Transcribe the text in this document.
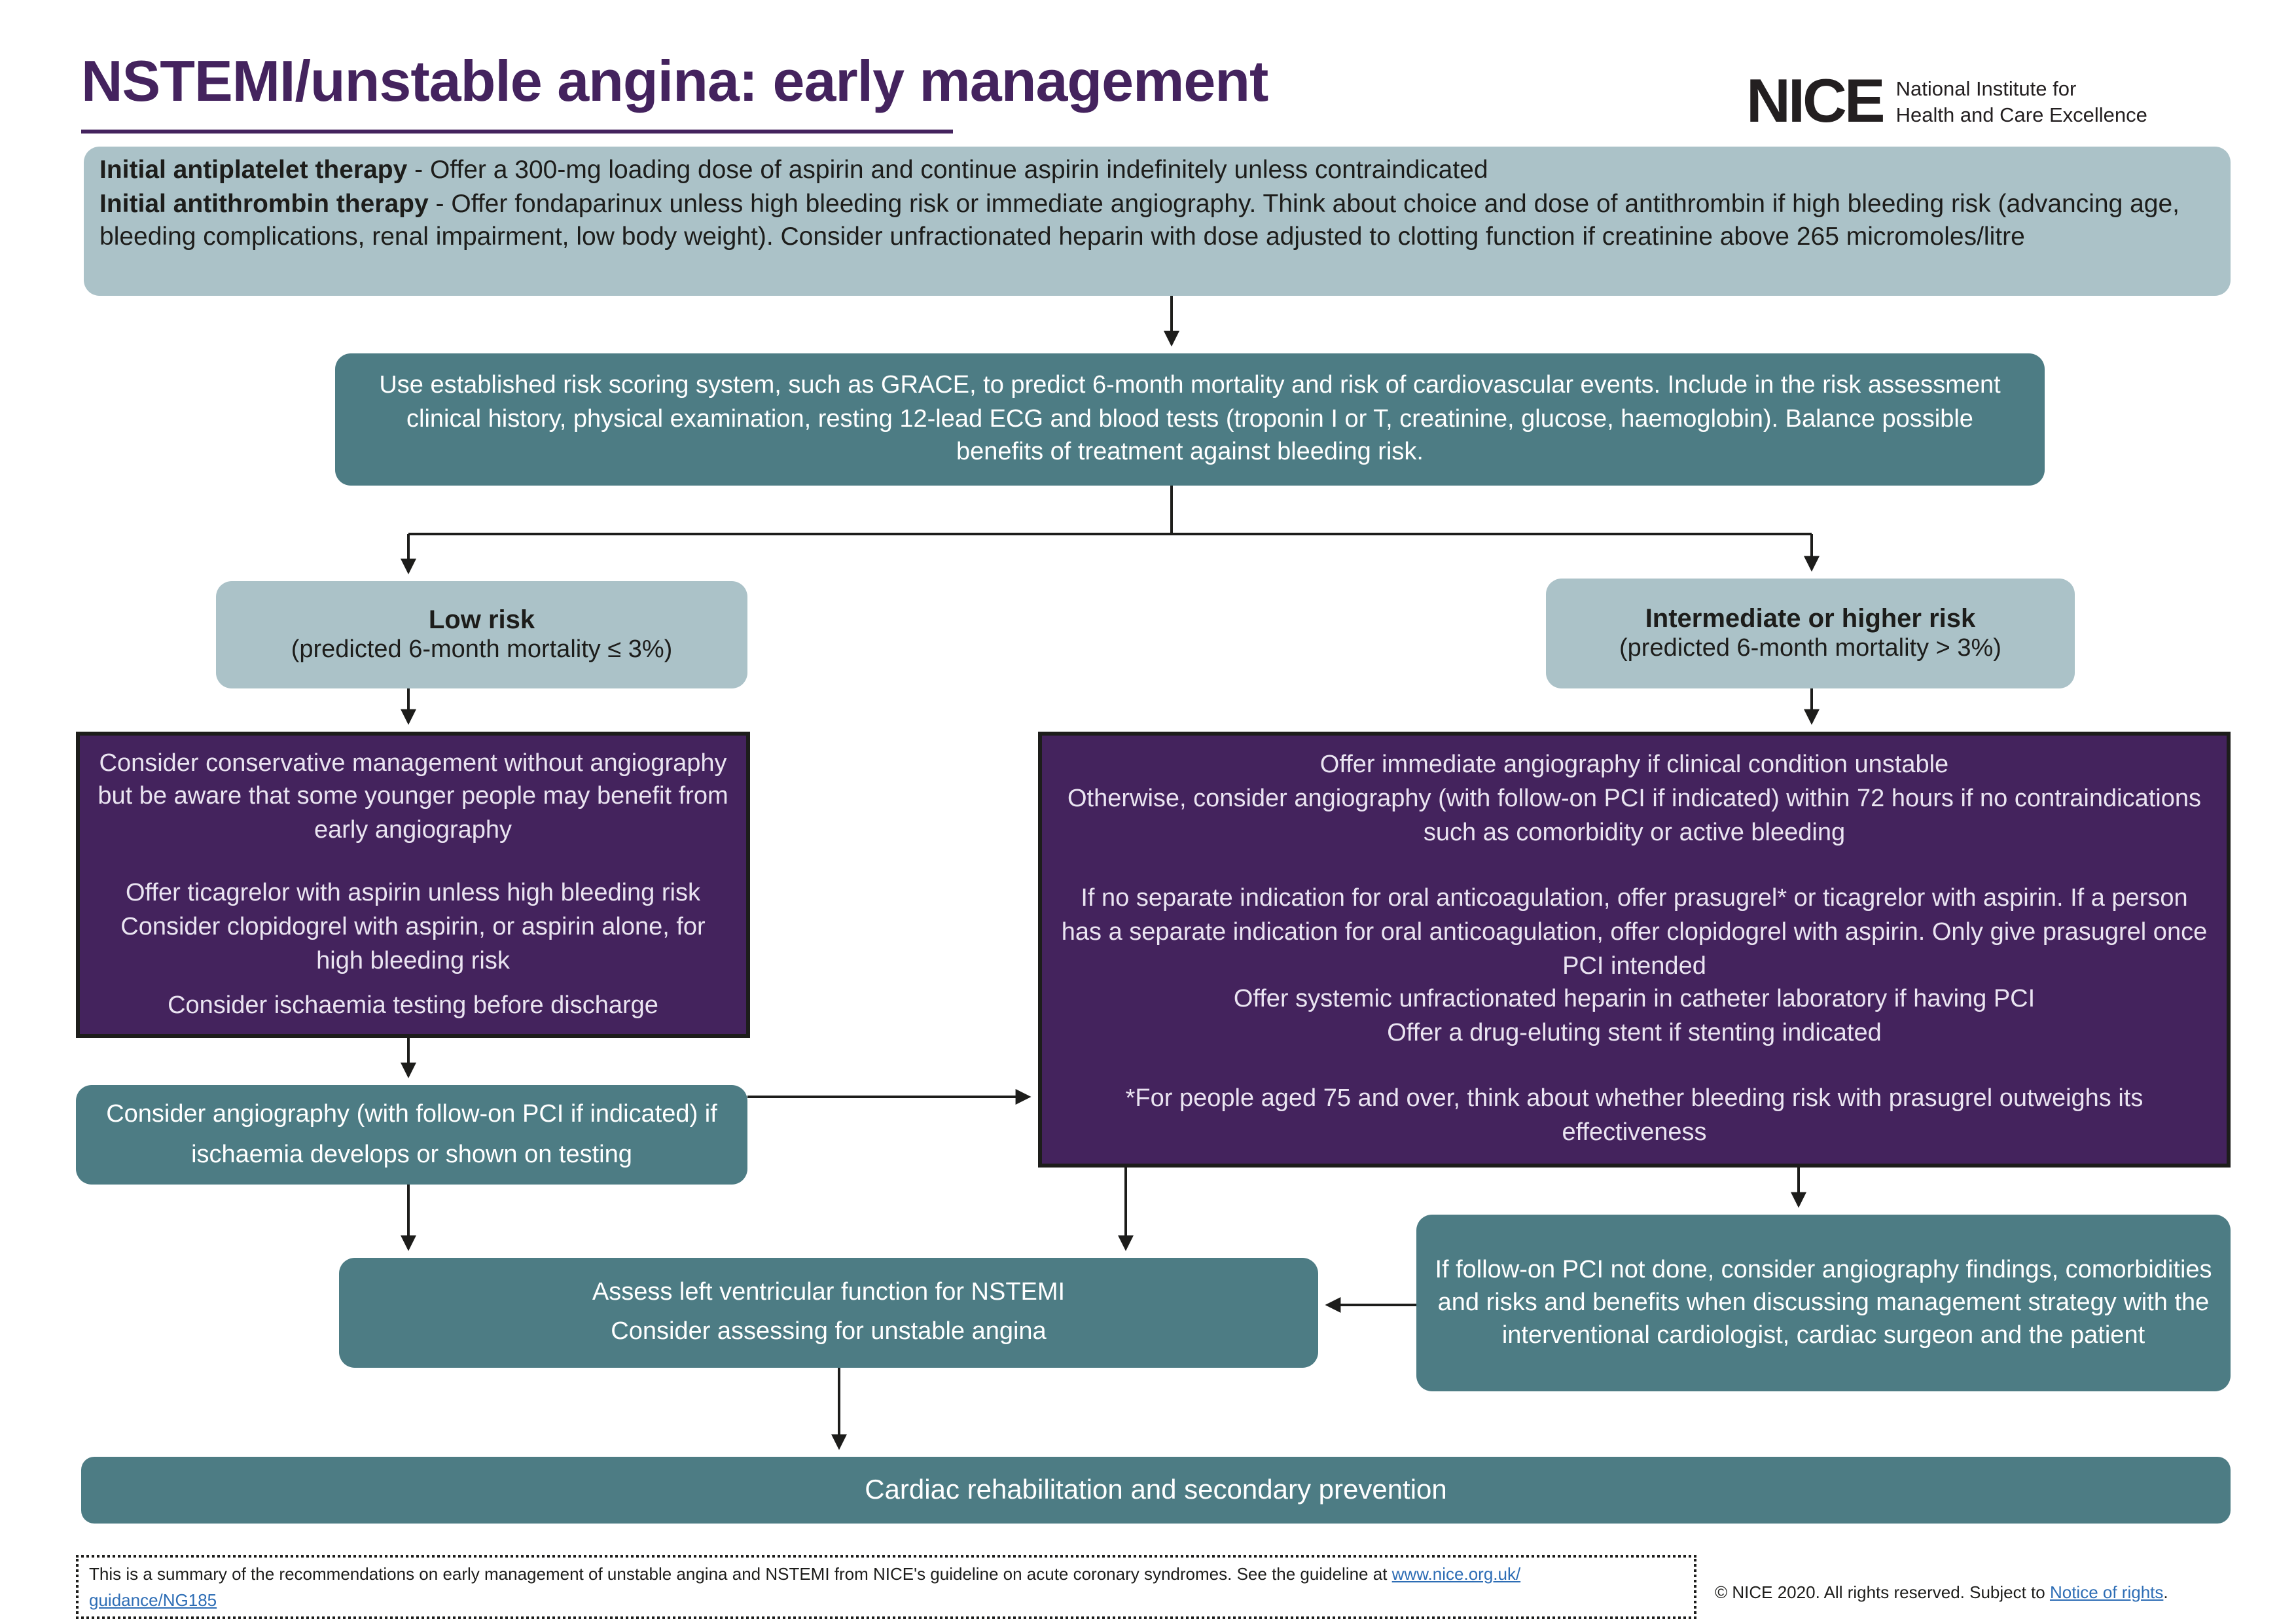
NSTEMI/unstable angina: early management	NICE National Institute for
Health and Care Excellence
Initial antiplatelet therapy - Offer a 300-mg loading dose of aspirin and continue aspirin indefinitely unless contraindicated
Initial antithrombin therapy - Offer fondaparinux unless high bleeding risk or immediate angiography. Think about choice and dose of antithrombin if high bleeding risk (advancing age, bleeding complications, renal impairment, low body weight). Consider unfractionated heparin with dose adjusted to clotting function if creatinine above 265 micromoles/litre

Use established risk scoring system, such as GRACE, to predict 6-month mortality and risk of cardiovascular events. Include in the risk assessment clinical history, physical examination, resting 12-lead ECG and blood tests (troponin I or T, creatinine, glucose, haemoglobin). Balance possible benefits of treatment against bleeding risk.

Low risk
(predicted 6-month mortality ≤ 3%)
Intermediate or higher risk
(predicted 6-month mortality > 3%)

Consider conservative management without angiography but be aware that some younger people may benefit from early angiography

Offer ticagrelor with aspirin unless high bleeding risk

Consider clopidogrel with aspirin, or aspirin alone, for high bleeding risk

Consider ischaemia testing before discharge

Offer immediate angiography if clinical condition unstable

Otherwise, consider angiography (with follow-on PCI if indicated) within 72 hours if no contraindications such as comorbidity or active bleeding

If no separate indication for oral anticoagulation, offer prasugrel* or ticagrelor with aspirin. If a person has a separate indication for oral anticoagulation, offer clopidogrel with aspirin. Only give prasugrel once PCI intended

Offer systemic unfractionated heparin in catheter laboratory if having PCI

Offer a drug-eluting stent if stenting indicated

*For people aged 75 and over, think about whether bleeding risk with prasugrel outweighs its effectiveness

Consider angiography (with follow-on PCI if indicated) if ischaemia develops or shown on testing

Assess left ventricular function for NSTEMI

Consider assessing for unstable angina

If follow-on PCI not done, consider angiography findings, comorbidities and risks and benefits when discussing management strategy with the interventional cardiologist, cardiac surgeon and the patient

Cardiac rehabilitation and secondary prevention

This is a summary of the recommendations on early management of unstable angina and NSTEMI from NICE's guideline on acute coronary syndromes. See the guideline at www.nice.org.uk/
guidance/NG185	© NICE 2020. All rights reserved. Subject to Notice of rights.
